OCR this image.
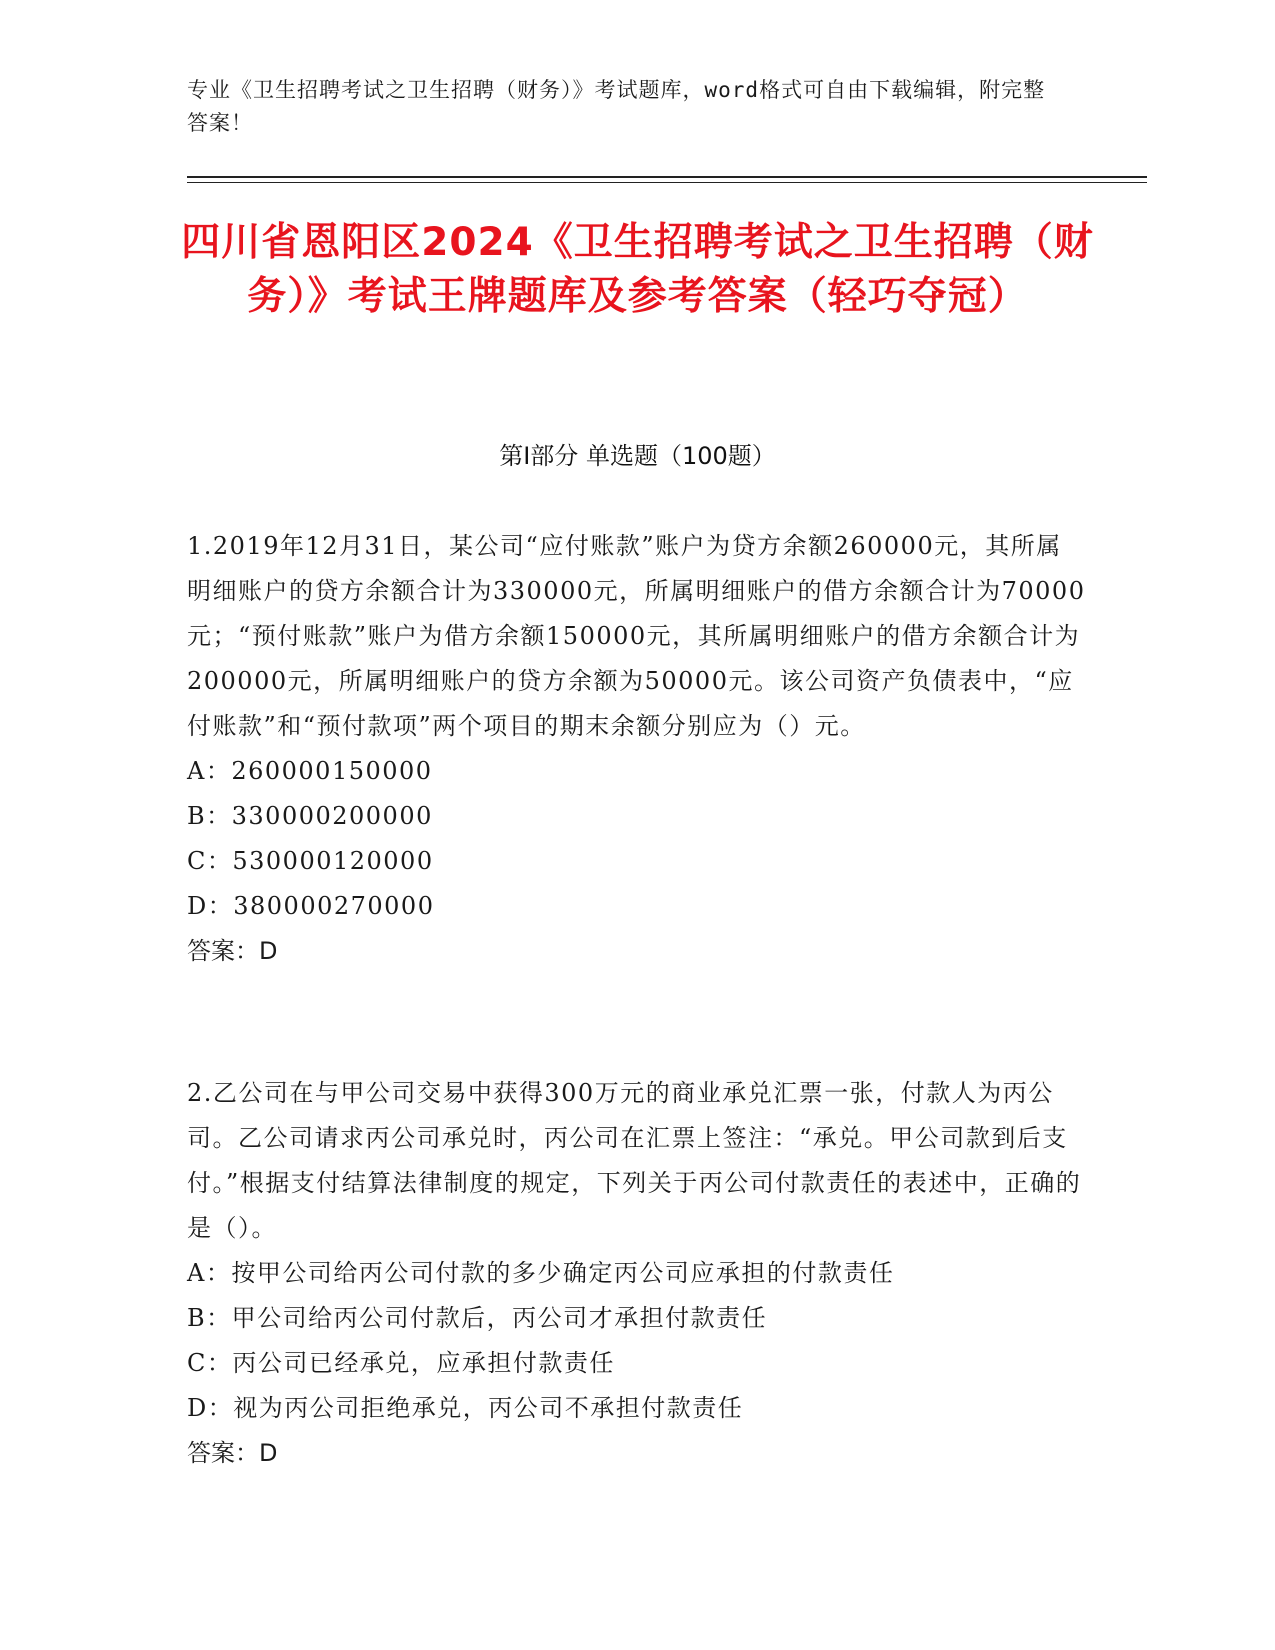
专业《卫生招聘考试之卫生招聘（财务）》考试题库，word格式可自由下载编辑，附完整答案！
四川省恩阳区2024《卫生招聘考试之卫生招聘（财务）》考试王牌题库及参考答案（轻巧夺冠）
第Ⅰ部分 单选题（100题）

1.2019年12月31日，某公司“应付账款”账户为贷方余额260000元，其所属明细账户的贷方余额合计为330000元，所属明细账户的借方余额合计为70000元；“预付账款”账户为借方余额150000元，其所属明细账户的借方余额合计为200000元，所属明细账户的贷方余额为50000元。该公司资产负债表中，“应付账款”和“预付款项”两个项目的期末余额分别应为（）元。

A：260000150000

B：330000200000

C：530000120000

D：380000270000

答案：D

2.乙公司在与甲公司交易中获得300万元的商业承兑汇票一张，付款人为丙公司。乙公司请求丙公司承兑时，丙公司在汇票上签注：“承兑。甲公司款到后支付。”根据支付结算法律制度的规定，下列关于丙公司付款责任的表述中，正确的是（）。

A：按甲公司给丙公司付款的多少确定丙公司应承担的付款责任

B：甲公司给丙公司付款后，丙公司才承担付款责任

C：丙公司已经承兑，应承担付款责任

D：视为丙公司拒绝承兑，丙公司不承担付款责任

答案：D
